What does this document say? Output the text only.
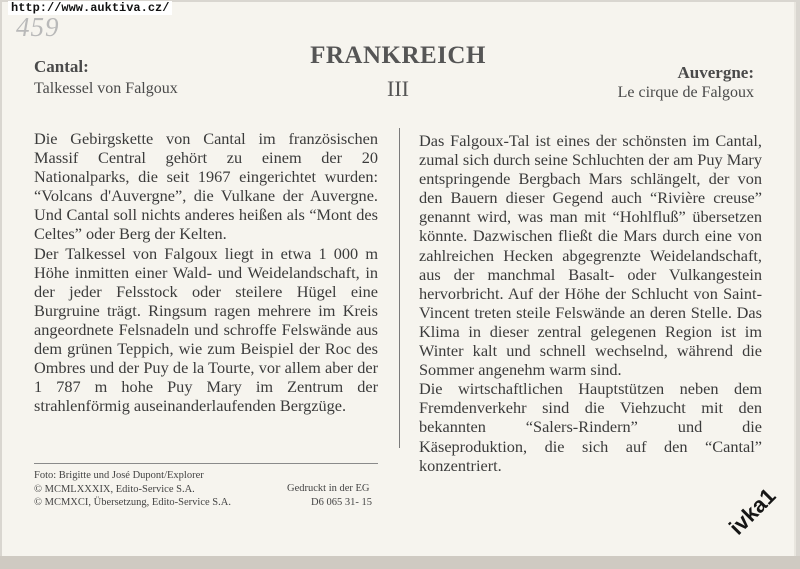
http://www.auktiva.cz/
459
FRANKREICH
III
Cantal:
Talkessel von Falgoux
Auvergne:
Le cirque de Falgoux

Die Gebirgskette von Cantal im französischen Massif Central gehört zu einem der 20 Nationalparks, die seit 1967 eingerichtet wurden: “Volcans d'Auvergne”, die Vulkane der Auvergne. Und Cantal soll nichts anderes heißen als “Mont des Celtes” oder Berg der Kelten.

Der Talkessel von Falgoux liegt in etwa 1 000 m Höhe inmitten einer Wald- und Weidelandschaft, in der jeder Felsstock oder steilere Hügel eine Burgruine trägt. Ringsum ragen mehrere im Kreis angeordnete Felsnadeln und schroffe Felswände aus dem grünen Teppich, wie zum Beispiel der Roc des Ombres und der Puy de la Tourte, vor allem aber der 1 787 m hohe Puy Mary im Zentrum der strahlenförmig auseinanderlaufenden Bergzüge.

Das Falgoux-Tal ist eines der schönsten im Cantal, zumal sich durch seine Schluchten der am Puy Mary entspringende Bergbach Mars schlängelt, der von den Bauern dieser Gegend auch “Rivière creuse” genannt wird, was man mit “Hohlfluß” übersetzen könnte. Dazwischen fließt die Mars durch eine von zahlreichen Hecken abgegrenzte Weidelandschaft, aus der manchmal Basalt- oder Vulkangestein hervorbricht. Auf der Höhe der Schlucht von Saint-Vincent treten steile Felswände an deren Stelle. Das Klima in dieser zentral gelegenen Region ist im Winter kalt und schnell wechselnd, während die Sommer angenehm warm sind.

Die wirtschaftlichen Hauptstützen neben dem Fremdenverkehr sind die Viehzucht mit den bekannten “Salers-Rindern” und die Käseproduktion, die sich auf den “Cantal” konzentriert.

Foto: Brigitte und José Dupont/Explorer
© MCMLXXXIX, Edito-Service S.A.
© MCMXCI, Übersetzung, Edito-Service S.A.
Gedruckt in der EG
D6 065 31- 15	ivka1
